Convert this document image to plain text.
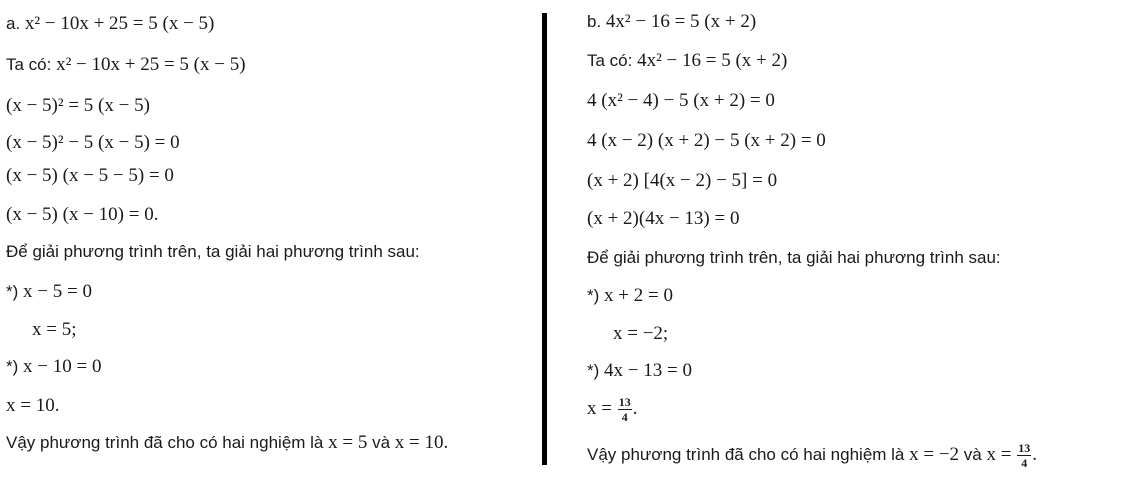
a. x² − 10x + 25 = 5 (x − 5)
Ta có: x² − 10x + 25 = 5 (x − 5)
(x − 5)² = 5 (x − 5)
(x − 5)² − 5 (x − 5) = 0
(x − 5) (x − 5 − 5) = 0
(x − 5) (x − 10) = 0.
Để giải phương trình trên, ta giải hai phương trình sau:
*) x − 5 = 0
x = 5;
*) x − 10 = 0
x = 10.
Vậy phương trình đã cho có hai nghiệm là x = 5 và x = 10.
b. 4x² − 16 = 5 (x + 2)
Ta có: 4x² − 16 = 5 (x + 2)
4 (x² − 4) − 5 (x + 2) = 0
4 (x − 2) (x + 2) − 5 (x + 2) = 0
(x + 2) [4(x − 2) − 5] = 0
(x + 2)(4x − 13) = 0
Để giải phương trình trên, ta giải hai phương trình sau:
*) x + 2 = 0
x = −2;
*) 4x − 13 = 0
$x = \frac{13}{4}$ .
Vậy phương trình đã cho có hai nghiệm là x = −2 và $x = \frac{13}{4}$ .
